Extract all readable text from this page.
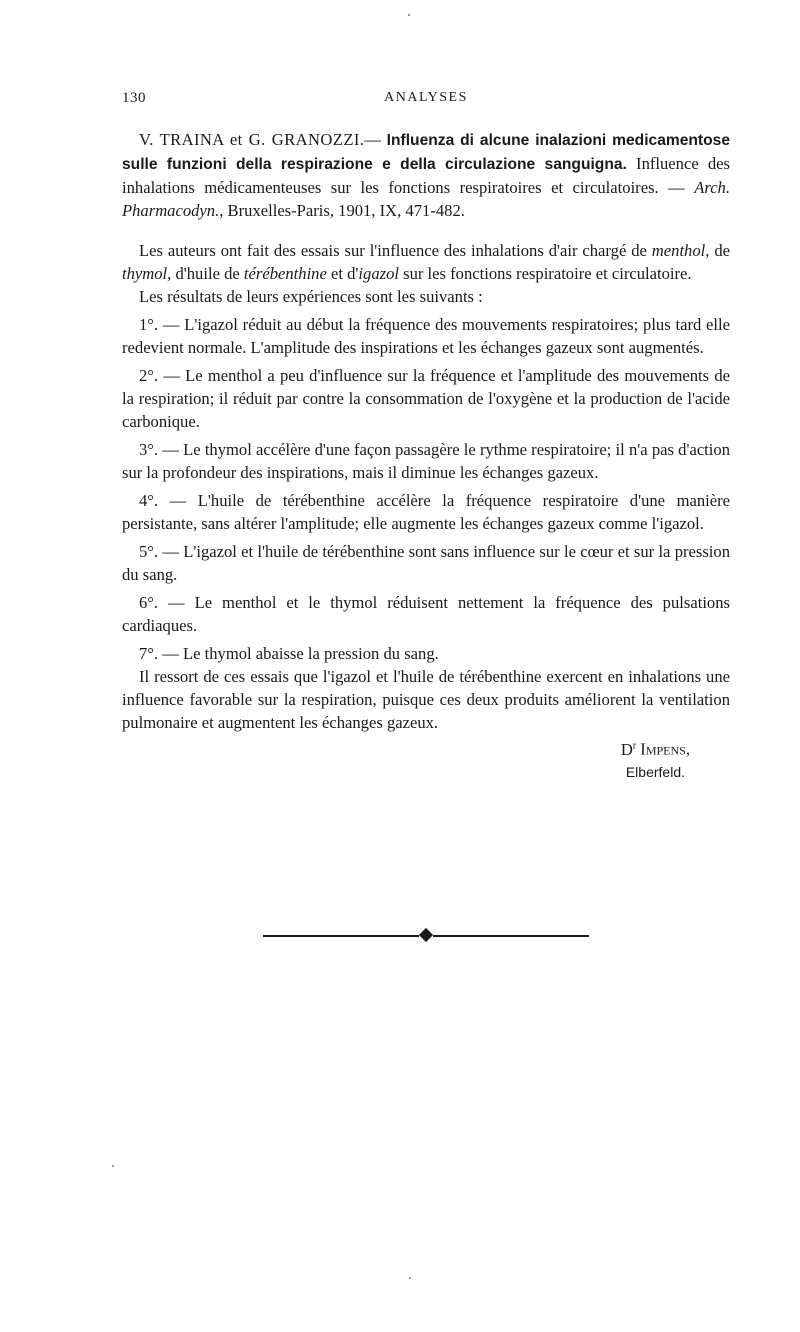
130	ANALYSES

V. TRAINA et G. GRANOZZI.— Influenza di alcune inalazioni medicamentose sulle funzioni della respirazione e della circulazione sanguigna. Influence des inhalations médicamenteuses sur les fonctions respiratoires et circulatoires. — Arch. Pharmacodyn., Bruxelles-Paris, 1901, IX, 471-482.

Les auteurs ont fait des essais sur l'influence des inhalations d'air chargé de menthol, de thymol, d'huile de térébenthine et d'igazol sur les fonctions respiratoire et circulatoire.

Les résultats de leurs expériences sont les suivants :

1°. — L'igazol réduit au début la fréquence des mouvements respiratoires; plus tard elle redevient normale. L'amplitude des inspirations et les échanges gazeux sont augmentés.

2°. — Le menthol a peu d'influence sur la fréquence et l'amplitude des mouvements de la respiration; il réduit par contre la consommation de l'oxygène et la production de l'acide carbonique.

3°. — Le thymol accélère d'une façon passagère le rythme respiratoire; il n'a pas d'action sur la profondeur des inspirations, mais il diminue les échanges gazeux.

4°. — L'huile de térébenthine accélère la fréquence respiratoire d'une manière persistante, sans altérer l'amplitude; elle augmente les échanges gazeux comme l'igazol.

5°. — L'igazol et l'huile de térébenthine sont sans influence sur le cœur et sur la pression du sang.

6°. — Le menthol et le thymol réduisent nettement la fréquence des pulsations cardiaques.

7°. — Le thymol abaisse la pression du sang.

Il ressort de ces essais que l'igazol et l'huile de térébenthine exercent en inhalations une influence favorable sur la respiration, puisque ces deux produits améliorent la ventilation pulmonaire et augmentent les échanges gazeux.

$D^r$ Impens,
Elberfeld.
